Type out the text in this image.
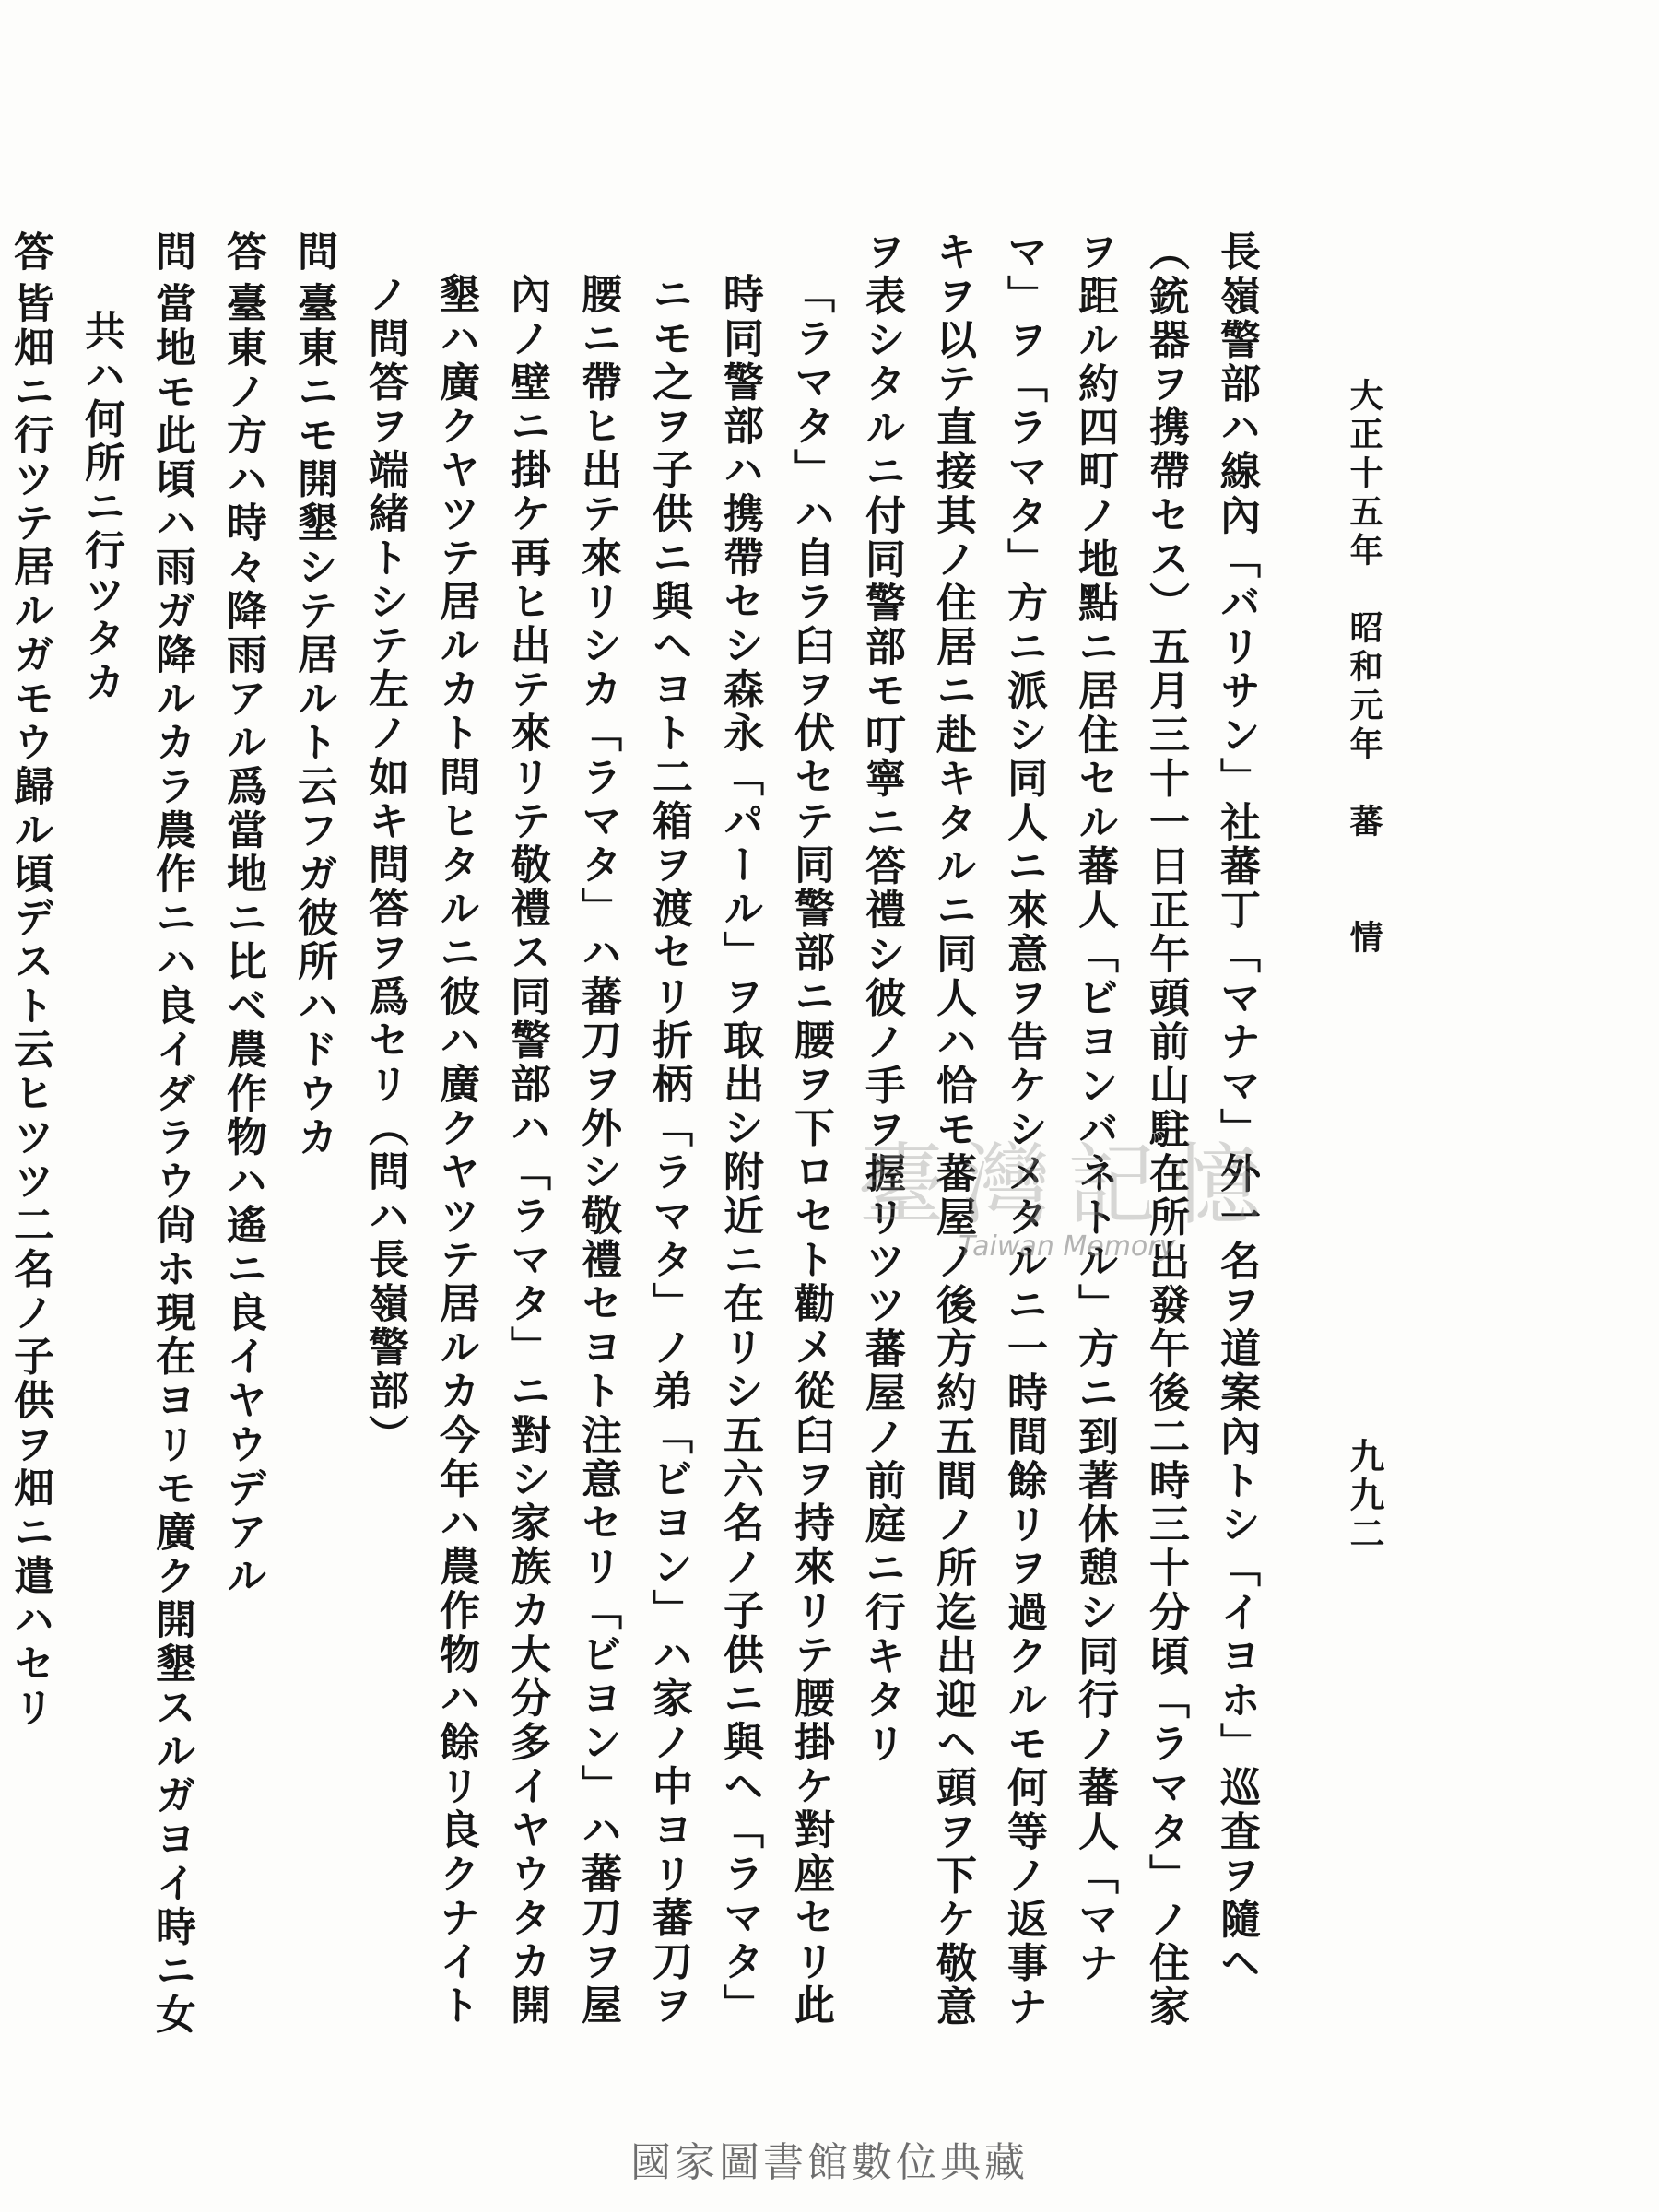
大正十五年　昭和元年　蕃　　情
九九二

長嶺警部ハ線內「バリサン」社蕃丁「マナマ」外一名ヲ道案內トシ「イヨホ」巡査ヲ隨ヘ（銃器ヲ携帶セス）五月三十一日正午頭前山駐在所出發午後二時三十分頃「ラマタ」ノ住家ヲ距ル約四町ノ地點ニ居住セル蕃人「ビヨンバネトル」方ニ到著休憩シ同行ノ蕃人「マナマ」ヲ「ラマタ」方ニ派シ同人ニ來意ヲ告ケシメタルニ一時間餘リヲ過クルモ何等ノ返事ナキヲ以テ直接其ノ住居ニ赴キタルニ同人ハ恰モ蕃屋ノ後方約五間ノ所迄出迎ヘ頭ヲ下ケ敬意ヲ表シタルニ付同警部モ叮寧ニ答禮シ彼ノ手ヲ握リツツ蕃屋ノ前庭ニ行キタリ

「ラマタ」ハ自ラ臼ヲ伏セテ同警部ニ腰ヲ下ロセト勸メ從臼ヲ持來リテ腰掛ケ對座セリ此時同警部ハ携帶セシ森永「パール」ヲ取出シ附近ニ在リシ五六名ノ子供ニ與ヘ「ラマタ」ニモ之ヲ子供ニ與ヘヨト二箱ヲ渡セリ折柄「ラマタ」ノ弟「ビヨン」ハ家ノ中ヨリ蕃刀ヲ腰ニ帶ヒ出テ來リシカ「ラマタ」ハ蕃刀ヲ外シ敬禮セヨト注意セリ「ビヨン」ハ蕃刀ヲ屋內ノ壁ニ掛ケ再ヒ出テ來リテ敬禮ス同警部ハ「ラマタ」ニ對シ家族カ大分多イヤウタカ開墾ハ廣クヤツテ居ルカト問ヒタルニ彼ハ廣クヤツテ居ルカ今年ハ農作物ハ餘リ良クナイトノ問答ヲ端緒トシテ左ノ如キ問答ヲ爲セリ（問ハ長嶺警部）

問臺東ニモ開墾シテ居ルト云フガ彼所ハドウカ

答臺東ノ方ハ時々降雨アル爲當地ニ比ベ農作物ハ遙ニ良イヤウデアル

問當地モ此頃ハ雨ガ降ルカラ農作ニハ良イダラウ尙ホ現在ヨリモ廣ク開墾スルガヨイ時ニ女共ハ何所ニ行ツタカ

答皆畑ニ行ツテ居ルガモウ歸ル頃デスト云ヒツツ二名ノ子供ヲ畑ニ遣ハセリ	臺灣記憶
Taiwan Memory
國家圖書館數位典藏
